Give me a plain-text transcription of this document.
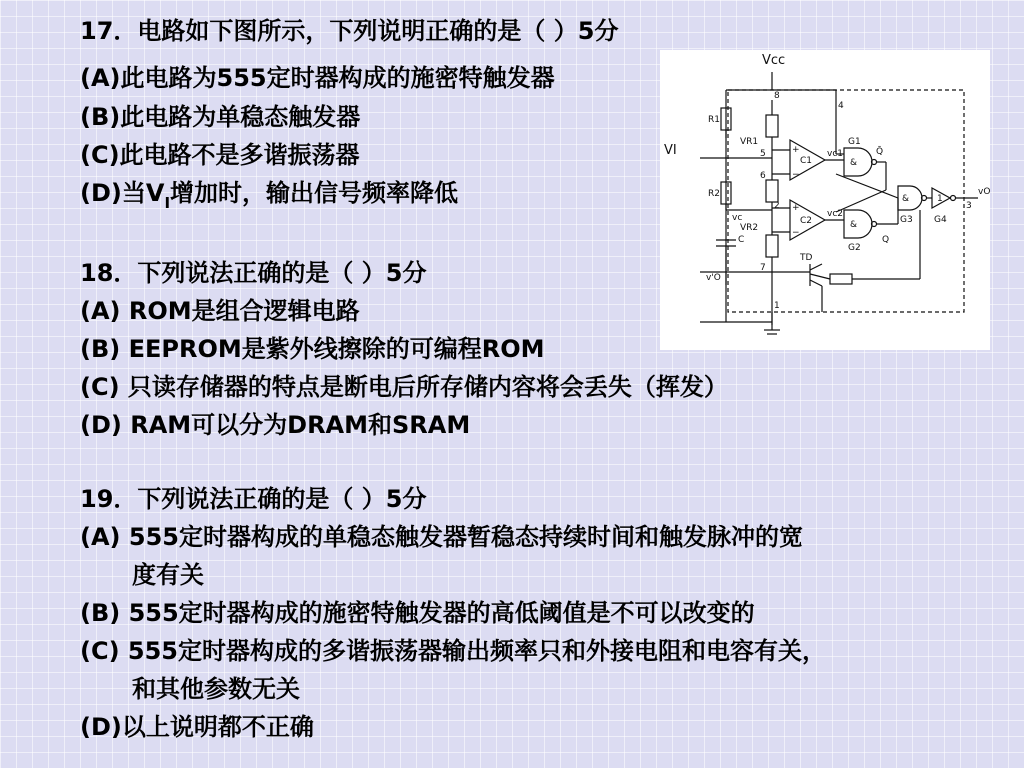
17．电路如下图所示，下列说明正确的是（ ）5分
(A)此电路为555定时器构成的施密特触发器
(B)此电路为单稳态触发器
(C)此电路不是多谐振荡器
(D)当$V_I$增加时，输出信号频率降低
18．下列说法正确的是（ ）5分
(A) ROM是组合逻辑电路
(B) EEPROM是紫外线擦除的可编程ROM
(C) 只读存储器的特点是断电后所存储内容将会丢失（挥发）
(D) RAM可以分为DRAM和SRAM
19．下列说法正确的是（ ）5分
(A) 555定时器构成的单稳态触发器暂稳态持续时间和触发脉冲的宽
度有关
(B) 555定时器构成的施密特触发器的高低阈值是不可以改变的
(C) 555定时器构成的多谐振荡器输出频率只和外接电阻和电容有关，
和其他参数无关
(D)以上说明都不正确
Vcc
VI
R1
R2
C
vc
VR1
VR2
C1
C2
vc1
vc2
v'O
vO
TD
G1
G2
G3 G4
Q
Q̄
1
2	3
4
5
6
7
8
1
+
−
+
−
&
&
&
